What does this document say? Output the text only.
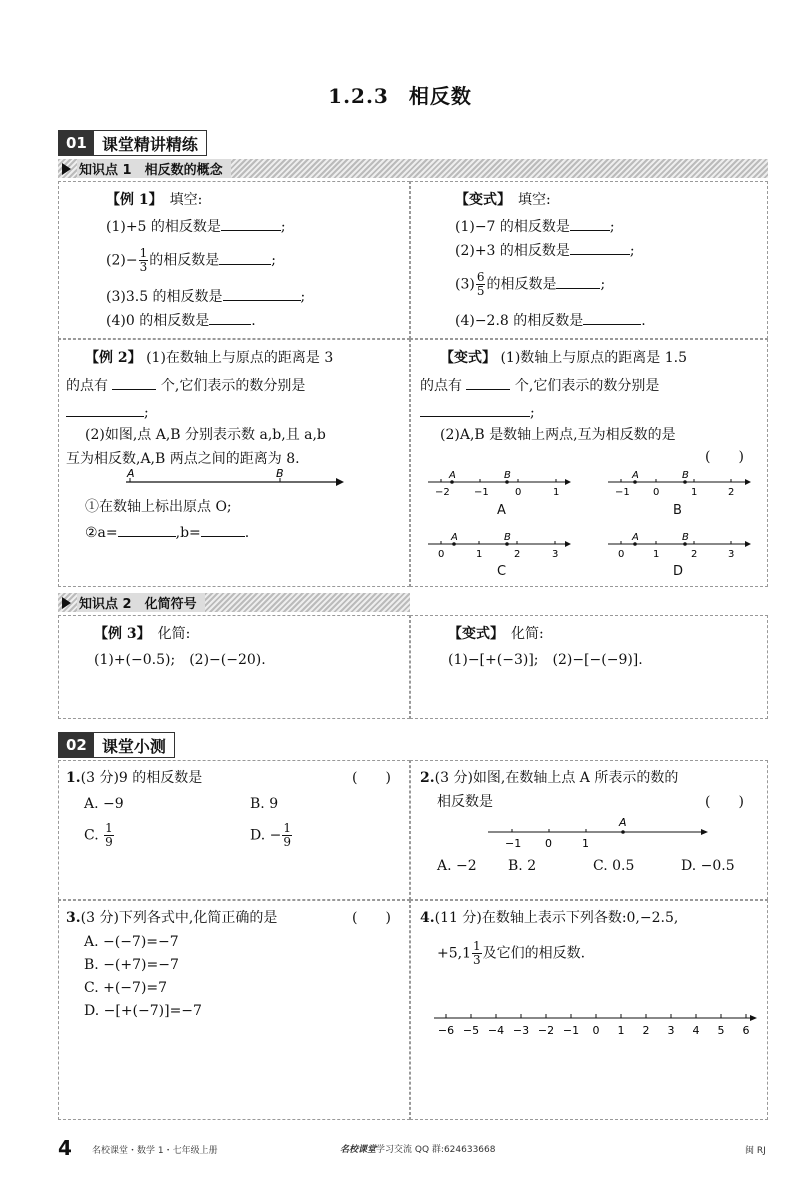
1.2.3 相反数
01 课堂精讲精练
知识点 1　相反数的概念
【例 1】　 填空:
(1)+5 的相反数是	;
$(2)- \frac{1}{3}$ 的相反数是	;
(3)3.5 的相反数是	;
(4)0 的相反数是	.
【变式】　 填空:
(1)−7 的相反数是	;
(2)+3 的相反数是	;
$(3) \frac{6}{5}$ 的相反数是	;
(4)−2.8 的相反数是	.
【例 2】 (1)在数轴上与原点的距离是 3
的点有	个,它们表示的数分别是
;
(2)如图,点 A,B 分别表示数 a,b,且 a,b
互为相反数,A,B 两点之间的距离为 8.
A	B
①在数轴上标出原点 O;
②a=	,b=	.
【变式】 (1)数轴上与原点的距离是 1.5
的点有	个,它们表示的数分别是
;
(2)A,B 是数轴上两点,互为相反数的是
(　　)
A	B
−2 −1	0	1
A
A	B
−1 0	1	2
B
A	B
0	1	2	3
C
A	B
0	1	2	3
D
知识点 2　化简符号
【例 3】　 化简:
(1)+(−0.5);　(2)−(−20).
【变式】　 化简:
(1)−[+(−3)];　(2)−[−(−9)].
02 课堂小测
1.(3 分)9 的相反数是	(　　)
A. −9	B. 9
C. $\frac{1}{9}$	D. − $\frac{1}{9}$
2.(3 分)如图,在数轴上点 A 所表示的数的
相反数是	(　　)
A
−1 0	1
A. −2 B. 2	C. 0.5	D. −0.5
3.(3 分)下列各式中,化简正确的是	(　　)
A. −(−7)=−7
B. −(+7)=−7
C. +(−7)=7
D. −[+(−7)]=−7
4.(11 分)在数轴上表示下列各数:0,−2.5,
$+5,1 \frac{1}{3}$ 及它们的相反数.
−6 −5 −4 −3 −2 −1 0 1 2 3 4 5 6
4 名校课堂・数学 1・七年级上册	名校课堂学习交流 QQ 群:624633668	闽 RJ
